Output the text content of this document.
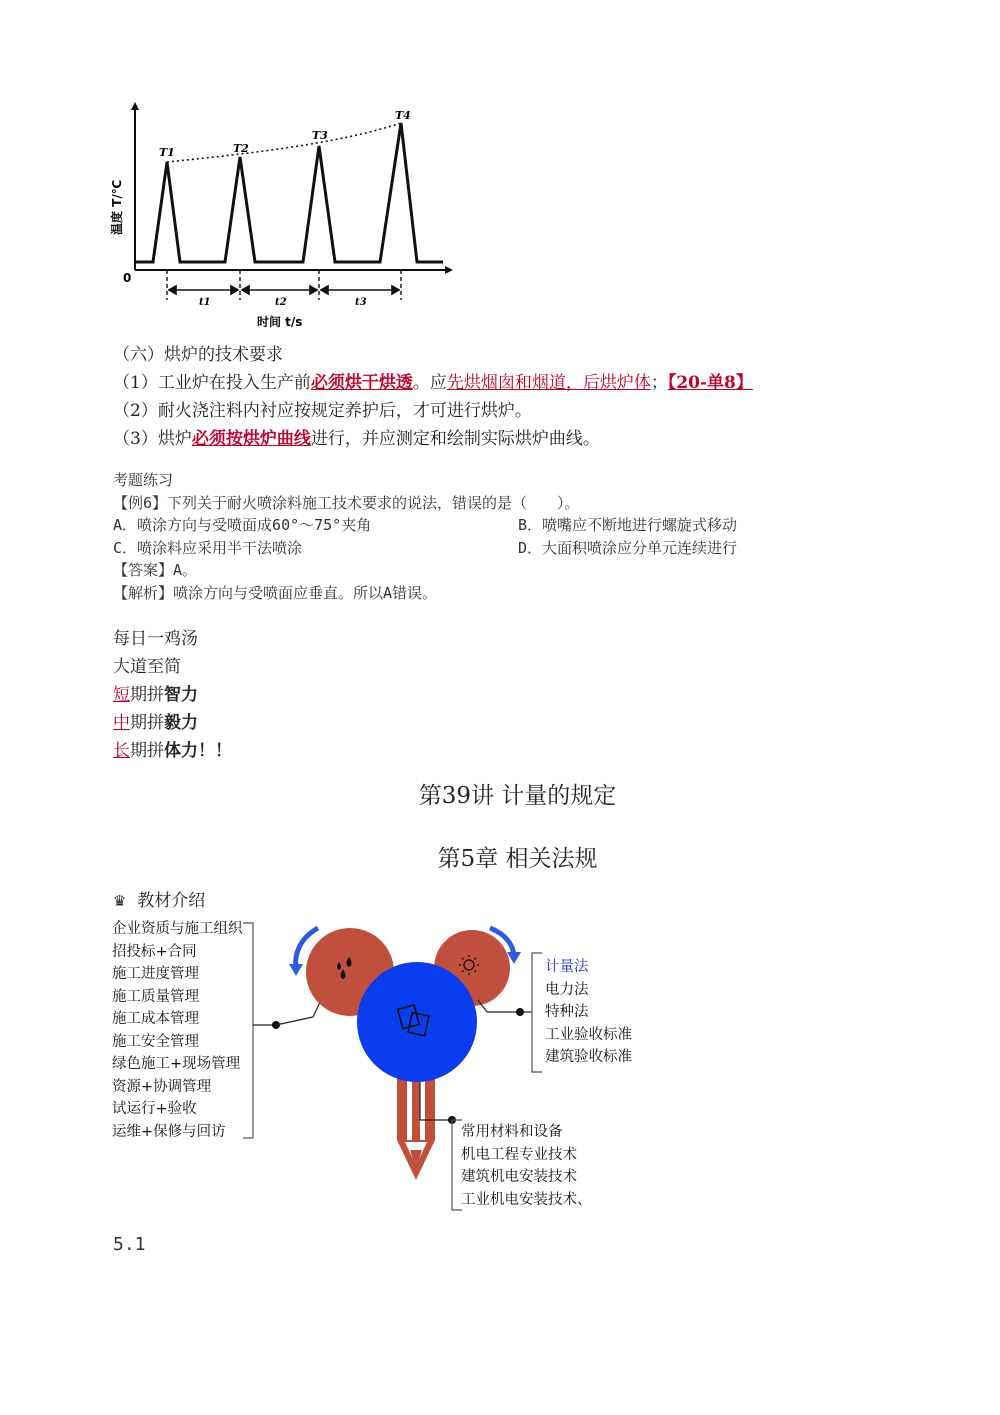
T1	T2
T3
T4
0
温度 T/℃
t1	t2	t3
时间 t/s
（六）烘炉的技术要求
（1）工业炉在投入生产前必须烘干烘透。应先烘烟囱和烟道，后烘炉体；【20-单8】
（2）耐火浇注料内衬应按规定养护后，才可进行烘炉。
（3）烘炉必须按烘炉曲线进行，并应测定和绘制实际烘炉曲线。
考题练习
【例6】下列关于耐火喷涂料施工技术要求的说法，错误的是（　　）。
A．喷涂方向与受喷面成60°～75°夹角	B．喷嘴应不断地进行螺旋式移动
C．喷涂料应采用半干法喷涂	D．大面积喷涂应分单元连续进行
【答案】A。
【解析】喷涂方向与受喷面应垂直。所以A错误。
每日一鸡汤
大道至简
短期拼智力
中期拼毅力
长期拼体力！！
第39讲 计量的规定
第5章 相关法规
♛ 教材介绍
企业资质与施工组织
招投标+合同
施工进度管理
施工质量管理
施工成本管理
施工安全管理
绿色施工+现场管理
资源+协调管理
试运行+验收
运维+保修与回访
计量法
电力法
特种法
工业验收标准
建筑验收标准
常用材料和设备
机电工程专业技术
建筑机电安装技术
工业机电安装技术、
5.1
